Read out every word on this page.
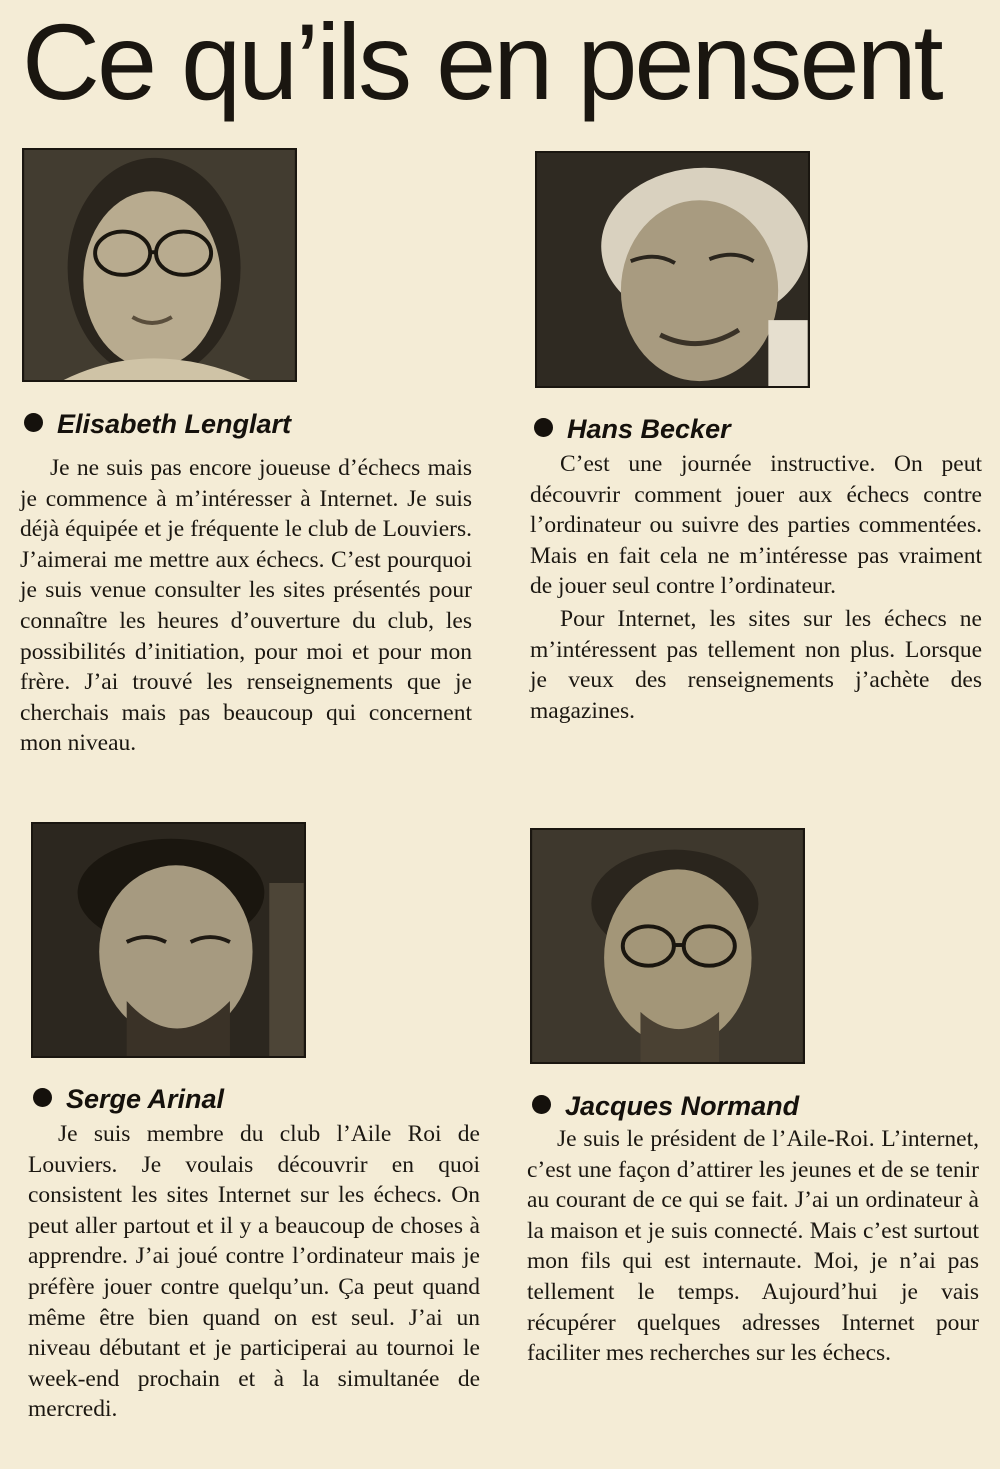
Ce qu’ils en pensent
Elisabeth Lenglart

Je ne suis pas encore joueuse d’échecs mais je commence à m’intéresser à Internet. Je suis déjà équipée et je fréquente le club de Louviers. J’aimerai me mettre aux échecs. C’est pourquoi je suis venue consulter les sites présentés pour connaître les heures d’ouverture du club, les possibilités d’initiation, pour moi et pour mon frère. J’ai trouvé les renseignements que je cherchais mais pas beaucoup qui concernent mon niveau.

Hans Becker

C’est une journée instructive. On peut découvrir comment jouer aux échecs contre l’ordinateur ou suivre des parties commentées. Mais en fait cela ne m’intéresse pas vraiment de jouer seul contre l’ordinateur.

Pour Internet, les sites sur les échecs ne m’intéressent pas tellement non plus. Lorsque je veux des renseignements j’achète des magazines.

Serge Arinal

Je suis membre du club l’Aile Roi de Louviers. Je voulais découvrir en quoi consistent les sites Internet sur les échecs. On peut aller partout et il y a beaucoup de choses à apprendre. J’ai joué contre l’ordinateur mais je préfère jouer contre quelqu’un. Ça peut quand même être bien quand on est seul. J’ai un niveau débutant et je participerai au tournoi le week-end prochain et à la simultanée de mercredi.

Jacques Normand

Je suis le président de l’Aile-Roi. L’internet, c’est une façon d’attirer les jeunes et de se tenir au courant de ce qui se fait. J’ai un ordinateur à la maison et je suis connecté. Mais c’est surtout mon fils qui est internaute. Moi, je n’ai pas tellement le temps. Aujourd’hui je vais récupérer quelques adresses Internet pour faciliter mes recherches sur les échecs.
